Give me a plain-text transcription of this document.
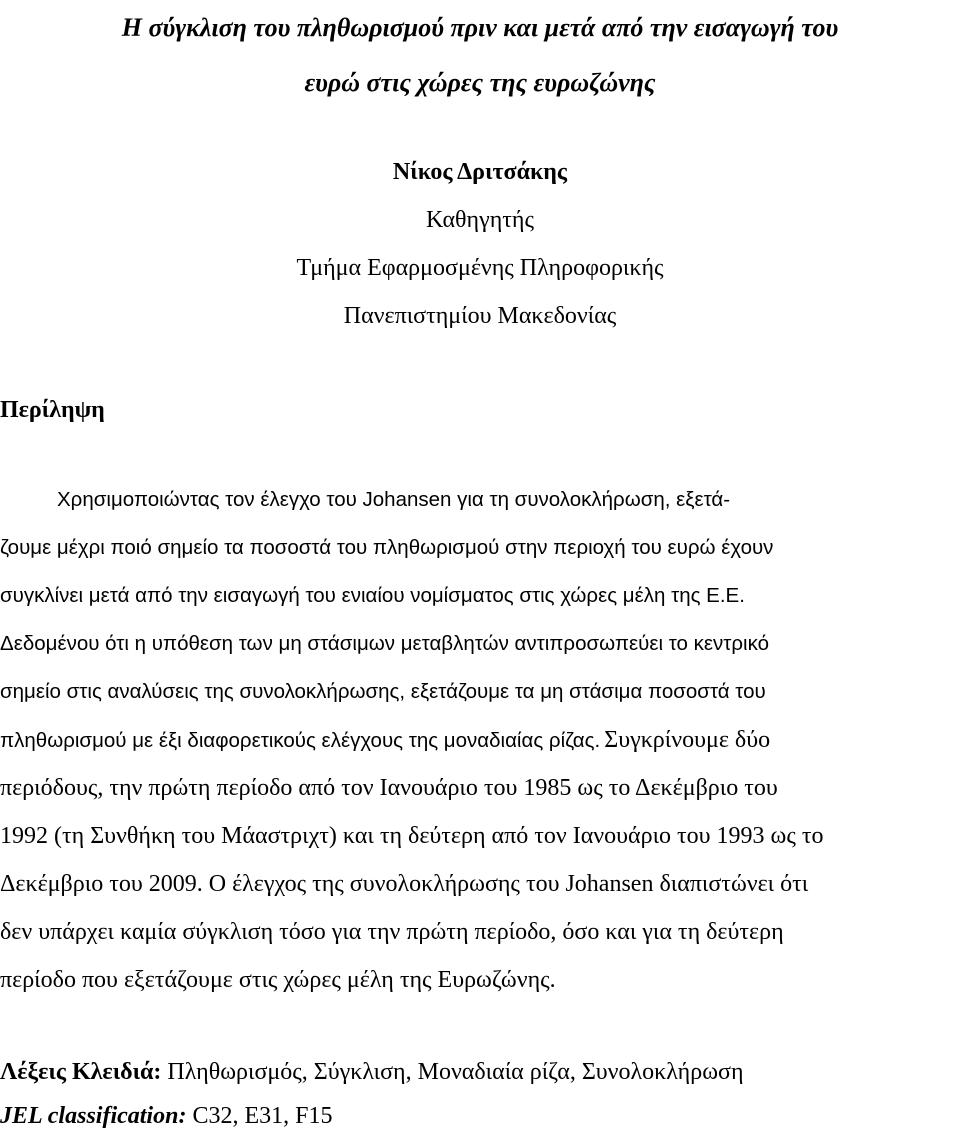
Η σύγκλιση του πληθωρισμού πριν και μετά από την εισαγωγή του
ευρώ στις χώρες της ευρωζώνης
Νίκος Δριτσάκης
Καθηγητής
Τμήμα Εφαρμοσμένης Πληροφορικής
Πανεπιστημίου Μακεδονίας
Περίληψη
Χρησιμοποιώντας τον έλεγχο του Johansen για τη συνολοκλήρωση, εξετά-
ζουμε μέχρι ποιό σημείο τα ποσοστά του πληθωρισμού στην περιοχή του ευρώ έχουν
συγκλίνει μετά από την εισαγωγή του ενιαίου νομίσματος στις χώρες μέλη της Ε.Ε.
Δεδομένου ότι η υπόθεση των μη στάσιμων μεταβλητών αντιπροσωπεύει το κεντρικό
σημείο στις αναλύσεις της συνολοκλήρωσης, εξετάζουμε τα μη στάσιμα ποσοστά του
πληθωρισμού με έξι διαφορετικούς ελέγχους της μοναδιαίας ρίζας. Συγκρίνουμε δύο
περιόδους, την πρώτη περίοδο από τον Ιανουάριο του 1985 ως το Δεκέμβριο του
1992 (τη Συνθήκη του Μάαστριχτ) και τη δεύτερη από τον Ιανουάριο του 1993 ως το
Δεκέμβριο του 2009. Ο έλεγχος της συνολοκλήρωσης του Johansen διαπιστώνει ότι
δεν υπάρχει καμία σύγκλιση τόσο για την πρώτη περίοδο, όσο και για τη δεύτερη
περίοδο που εξετάζουμε στις χώρες μέλη της Ευρωζώνης.
Λέξεις Κλειδιά: Πληθωρισμός, Σύγκλιση, Μοναδιαία ρίζα, Συνολοκλήρωση
JEL classification: C32, E31, F15
